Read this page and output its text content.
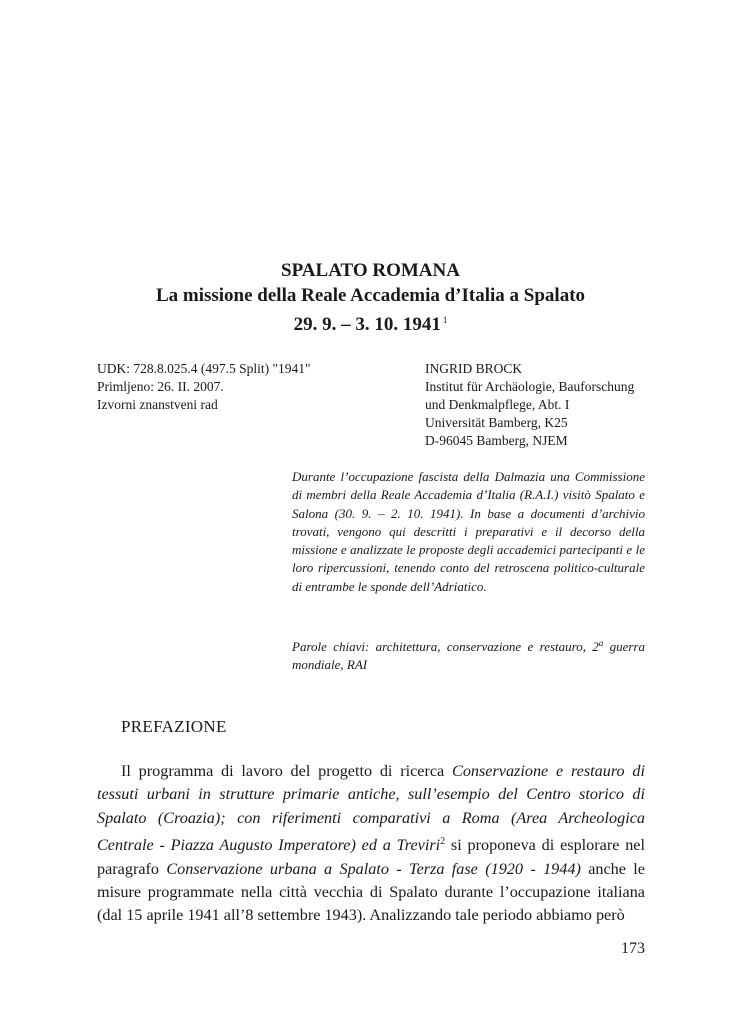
SPALATO ROMANA
La missione della Reale Accademia d’Italia a Spalato
29. 9. – 3. 10. 1941 $^1$
UDK: 728.8.025.4 (497.5 Split) "1941"
Primljeno: 26. II. 2007.
Izvorni znanstveni rad
INGRID BROCK
Institut für Archäologie, Bauforschung
und Denkmalpflege, Abt. I
Universität Bamberg, K25
D-96045 Bamberg, NJEM
Durante l’occupazione fascista della Dalmazia una Commissione di membri della Reale Accademia d’Italia (R.A.I.) visitò Spalato e Salona (30. 9. – 2. 10. 1941). In base a documenti d’archivio trovati, vengono qui descritti i preparativi e il decorso della missione e analizzate le proposte degli accademici partecipanti e le loro ripercussioni, tenendo conto del retroscena politico-culturale di entrambe le sponde dell’Adriatico.
Parole chiavi: architettura, conservazione e restauro, 2$^a$ guerra mondiale, RAI
PREFAZIONE
Il programma di lavoro del progetto di ricerca Conservazione e restauro di tessuti urbani in strutture primarie antiche, sull’esempio del Centro storico di Spalato (Croazia); con riferimenti comparativi a Roma (Area Archeologica Centrale - Piazza Augusto Imperatore) ed a Treviri$^2$ si proponeva di esplorare nel paragrafo Conservazione urbana a Spalato - Terza fase (1920 - 1944) anche le misure programmate nella città vecchia di Spalato durante l’occupazione italiana (dal 15 aprile 1941 all’8 settembre 1943). Analizzando tale periodo abbiamo però
173
